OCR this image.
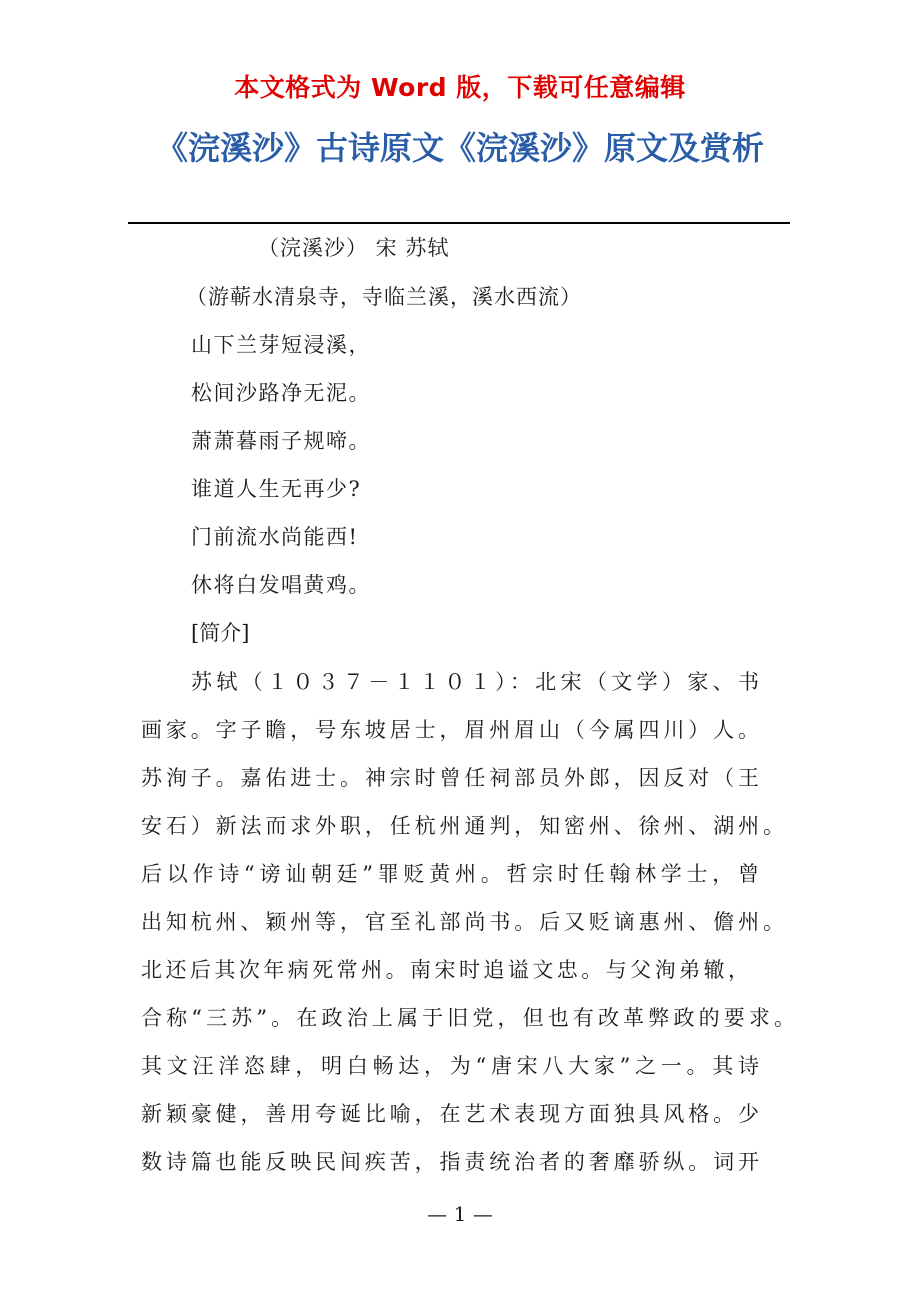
本文格式为 Word 版，下载可任意编辑
《浣溪沙》古诗原文《浣溪沙》原文及赏析
（浣溪沙） 宋 苏轼
（游蕲水清泉寺，寺临兰溪，溪水西流）
山下兰芽短浸溪，
松间沙路净无泥。
萧萧暮雨子规啼。
谁道人生无再少?
门前流水尚能西!
休将白发唱黄鸡。
[简介]
苏轼（１０３７－１１０１）：北宋（文学）家、书
画家。字子瞻，号东坡居士，眉州眉山（今属四川）人。
苏洵子。嘉佑进士。神宗时曾任祠部员外郎，因反对（王
安石）新法而求外职，任杭州通判，知密州、徐州、湖州。
后以作诗“谤讪朝廷”罪贬黄州。哲宗时任翰林学士，曾
出知杭州、颖州等，官至礼部尚书。后又贬谪惠州、儋州。
北还后其次年病死常州。南宋时追谥文忠。与父洵弟辙，
合称“三苏”。在政治上属于旧党，但也有改革弊政的要求。
其文汪洋恣肆，明白畅达，为“唐宋八大家”之一。其诗
新颖豪健，善用夸诞比喻，在艺术表现方面独具风格。少
数诗篇也能反映民间疾苦，指责统治者的奢靡骄纵。词开
— 1 —
